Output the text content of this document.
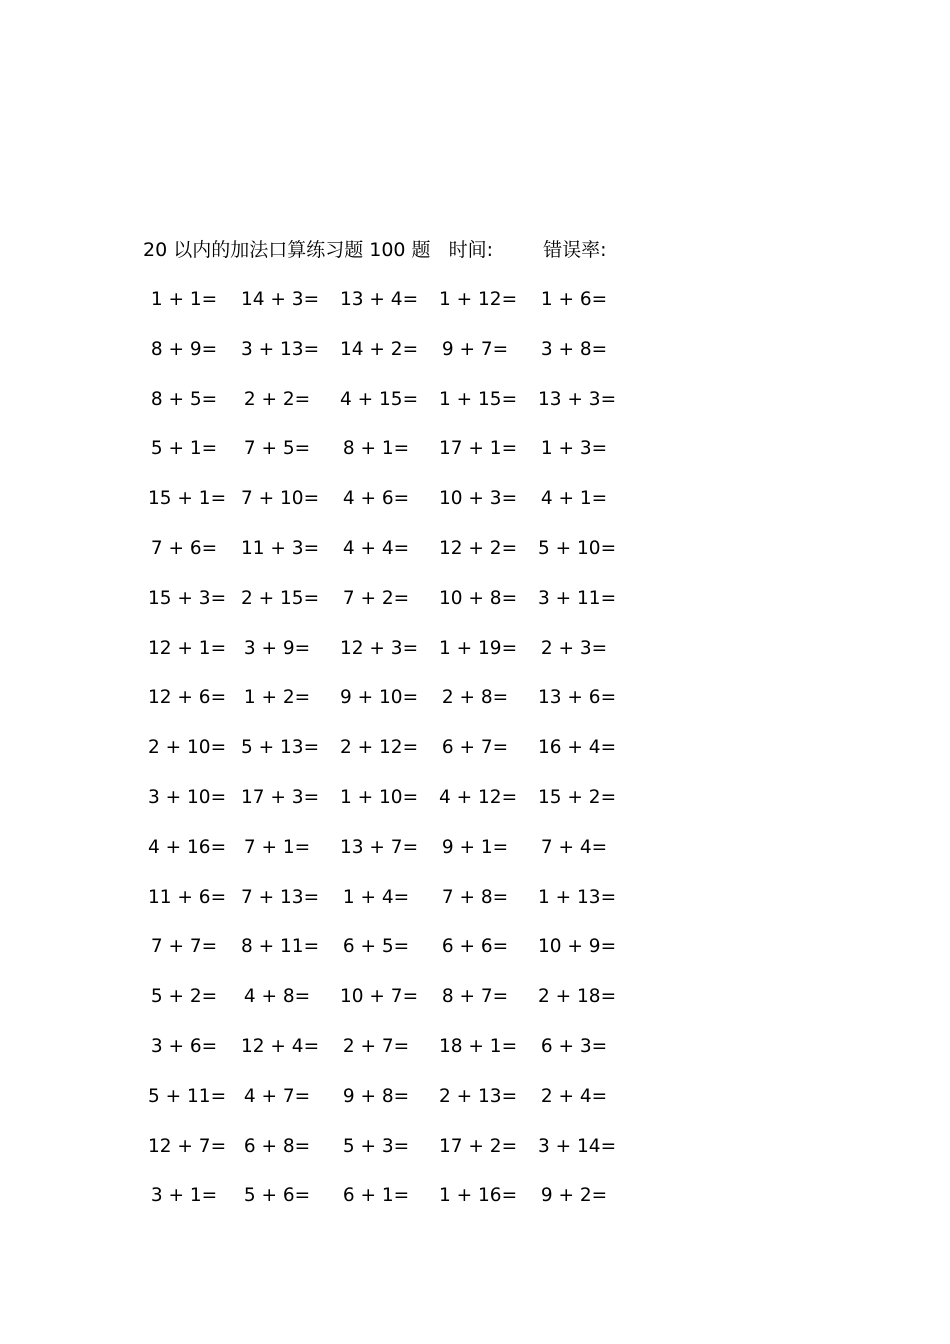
20 以内的加法口算练习题 100 题 时间:	错误率:
1 + 1= 14 + 3= 13 + 4= 1 + 12= 1 + 6=
8 + 9= 3 + 13= 14 + 2= 9 + 7= 3 + 8=
8 + 5= 2 + 2= 4 + 15= 1 + 15= 13 + 3=
5 + 1= 7 + 5= 8 + 1= 17 + 1= 1 + 3=
15 + 1= 7 + 10= 4 + 6= 10 + 3= 4 + 1=
7 + 6= 11 + 3= 4 + 4= 12 + 2= 5 + 10=
15 + 3= 2 + 15= 7 + 2= 10 + 8= 3 + 11=
12 + 1= 3 + 9= 12 + 3= 1 + 19= 2 + 3=
12 + 6= 1 + 2= 9 + 10= 2 + 8= 13 + 6=
2 + 10= 5 + 13= 2 + 12= 6 + 7= 16 + 4=
3 + 10= 17 + 3= 1 + 10= 4 + 12= 15 + 2=
4 + 16= 7 + 1= 13 + 7= 9 + 1= 7 + 4=
11 + 6= 7 + 13= 1 + 4= 7 + 8= 1 + 13=
7 + 7= 8 + 11= 6 + 5= 6 + 6= 10 + 9=
5 + 2= 4 + 8= 10 + 7= 8 + 7= 2 + 18=
3 + 6= 12 + 4= 2 + 7= 18 + 1= 6 + 3=
5 + 11= 4 + 7= 9 + 8= 2 + 13= 2 + 4=
12 + 7= 6 + 8= 5 + 3= 17 + 2= 3 + 14=
3 + 1= 5 + 6= 6 + 1= 1 + 16= 9 + 2=
